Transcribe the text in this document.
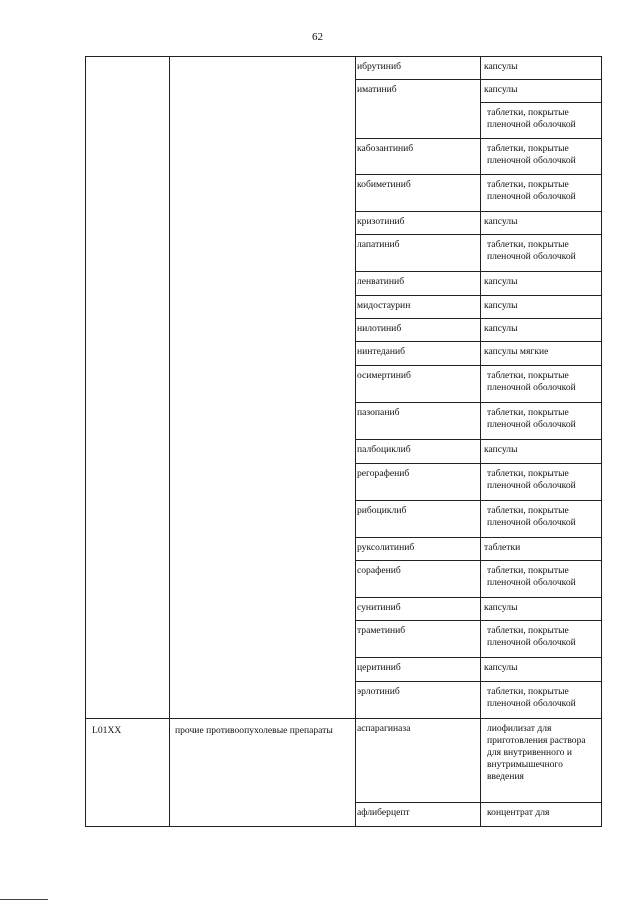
62
		ибрутиниб	капсулы
		иматиниб	капсулы
			таблетки, покрытые пленочной оболочкой
		кабозантиниб	таблетки, покрытые пленочной оболочкой
		кобиметиниб	таблетки, покрытые пленочной оболочкой
		кризотиниб	капсулы
		лапатиниб	таблетки, покрытые пленочной оболочкой
		ленватиниб	капсулы
		мидостаурин	капсулы
		нилотиниб	капсулы
		нинтеданиб	капсулы мягкие
		осимертиниб	таблетки, покрытые пленочной оболочкой
		пазопаниб	таблетки, покрытые пленочной оболочкой
		палбоциклиб	капсулы
		регорафениб	таблетки, покрытые пленочной оболочкой
		рибоциклиб	таблетки, покрытые пленочной оболочкой
		руксолитиниб	таблетки
		сорафениб	таблетки, покрытые пленочной оболочкой
		сунитиниб	капсулы
		траметиниб	таблетки, покрытые пленочной оболочкой
		церитиниб	капсулы
		эрлотиниб	таблетки, покрытые пленочной оболочкой
L01XX	прочие противоопухолевые препараты	аспарагиназа	лиофилизат для приготовления раствора для внутривенного и внутримышечного введения
		афлиберцепт	концентрат для
